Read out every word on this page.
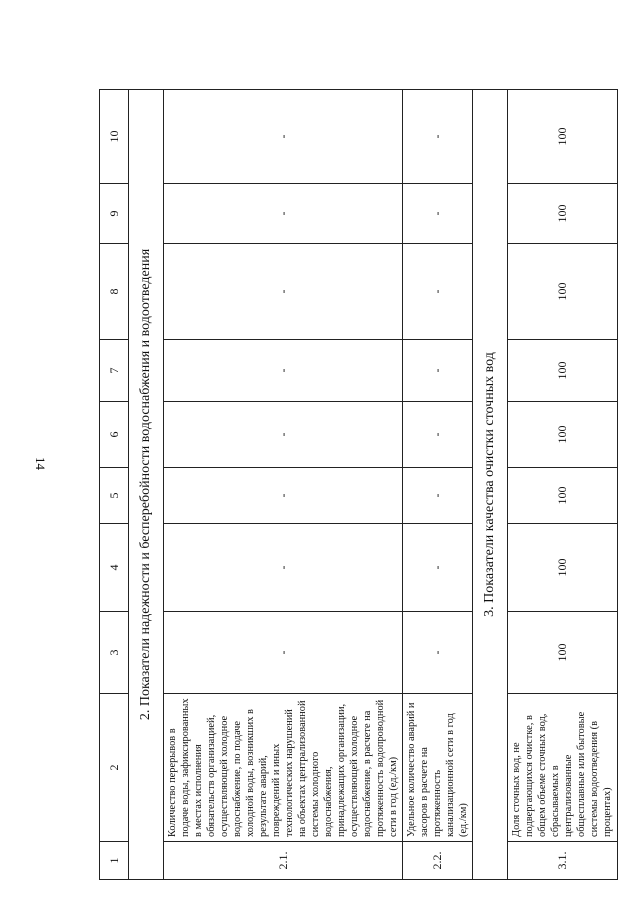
14
1	2	3	4	5	6	7	8	9	10
2. Показатели надежности и бесперебойности водоснабжения и водоотведения									
2.1.	Количество перерывов в подаче воды, зафиксированных в местах исполнения обязательств организацией, осуществляющей холодное водоснабжение, по подаче холодной воды, возникших в результате аварий, повреждений и иных технологических нарушений на объектах централизованной системы холодного водоснабжения, принадлежащих организации, осуществляющей холодное водоснабжение, в расчете на протяженность водопроводной сети в год (ед./км)	-	-	-	-	-	-	-	-
2.2.	Удельное количество аварий и засоров в расчете на протяженность канализационной сети в год (ед./км)	-	-	-	-	-	-	-	-
3. Показатели качества очистки сточных вод									
3.1.	Доля сточных вод, не подвергающихся очистке, в общем объеме сточных вод, сбрасываемых в централизованные общесплавные или бытовые системы водоотведения (в процентах)	100	100	100	100	100	100	100	100
